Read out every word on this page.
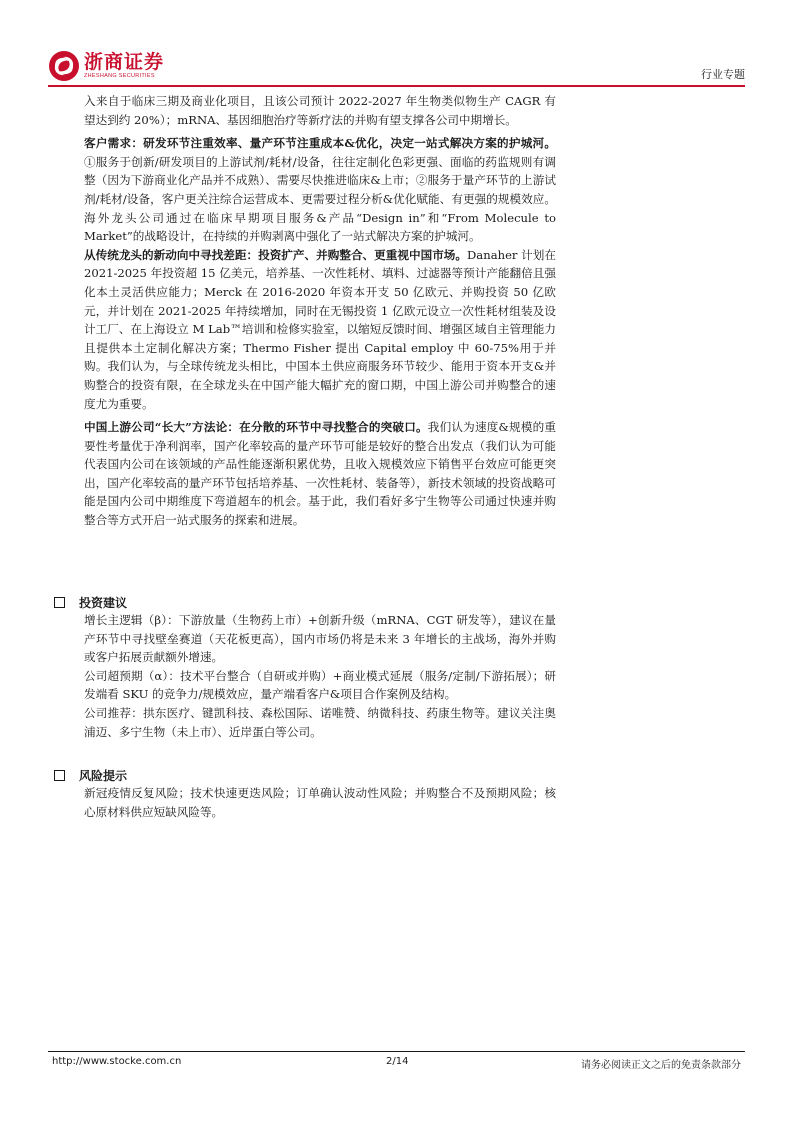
浙商证券
ZHESHANG SECURITIES	行业专题

入来自于临床三期及商业化项目，且该公司预计 2022-2027 年生物类似物生产 CAGR 有望达到约 20%）；mRNA、基因细胞治疗等新疗法的并购有望支撑各公司中期增长。

客户需求：研发环节注重效率、量产环节注重成本&优化，决定一站式解决方案的护城河。①服务于创新/研发项目的上游试剂/耗材/设备，往往定制化色彩更强、面临的药监规则有调整（因为下游商业化产品并不成熟）、需要尽快推进临床&上市；②服务于量产环节的上游试剂/耗材/设备，客户更关注综合运营成本、更需要过程分析&优化赋能、有更强的规模效应。海外龙头公司通过在临床早期项目服务&产品“Design in”和“From Molecule to Market”的战略设计，在持续的并购剥离中强化了一站式解决方案的护城河。

从传统龙头的新动向中寻找差距：投资扩产、并购整合、更重视中国市场。Danaher 计划在 2021-2025 年投资超 15 亿美元，培养基、一次性耗材、填料、过滤器等预计产能翻倍且强化本土灵活供应能力；Merck 在 2016-2020 年资本开支 50 亿欧元、并购投资 50 亿欧元，并计划在 2021-2025 年持续增加，同时在无锡投资 1 亿欧元设立一次性耗材组装及设计工厂、在上海设立 M Lab™培训和检修实验室，以缩短反馈时间、增强区域自主管理能力且提供本土定制化解决方案；Thermo Fisher 提出 Capital employ 中 60-75%用于并购。我们认为，与全球传统龙头相比，中国本土供应商服务环节较少、能用于资本开支&并购整合的投资有限，在全球龙头在中国产能大幅扩充的窗口期，中国上游公司并购整合的速度尤为重要。

中国上游公司“长大”方法论：在分散的环节中寻找整合的突破口。我们认为速度&规模的重要性考量优于净利润率，国产化率较高的量产环节可能是较好的整合出发点（我们认为可能代表国内公司在该领域的产品性能逐渐积累优势，且收入规模效应下销售平台效应可能更突出，国产化率较高的量产环节包括培养基、一次性耗材、装备等），新技术领域的投资战略可能是国内公司中期维度下弯道超车的机会。基于此，我们看好多宁生物等公司通过快速并购整合等方式开启一站式服务的探索和进展。

投资建议

增长主逻辑（β）：下游放量（生物药上市）+创新升级（mRNA、CGT 研发等），建议在量产环节中寻找壁垒赛道（天花板更高），国内市场仍将是未来 3 年增长的主战场，海外并购或客户拓展贡献额外增速。

公司超预期（α）：技术平台整合（自研或并购）+商业模式延展（服务/定制/下游拓展）；研发端看 SKU 的竞争力/规模效应，量产端看客户&项目合作案例及结构。

公司推荐：拱东医疗、键凯科技、森松国际、诺唯赞、纳微科技、药康生物等。建议关注奥浦迈、多宁生物（未上市）、近岸蛋白等公司。

风险提示

新冠疫情反复风险；技术快速更迭风险；订单确认波动性风险；并购整合不及预期风险；核心原材料供应短缺风险等。

http://www.stocke.com.cn	2/14	请务必阅读正文之后的免责条款部分
